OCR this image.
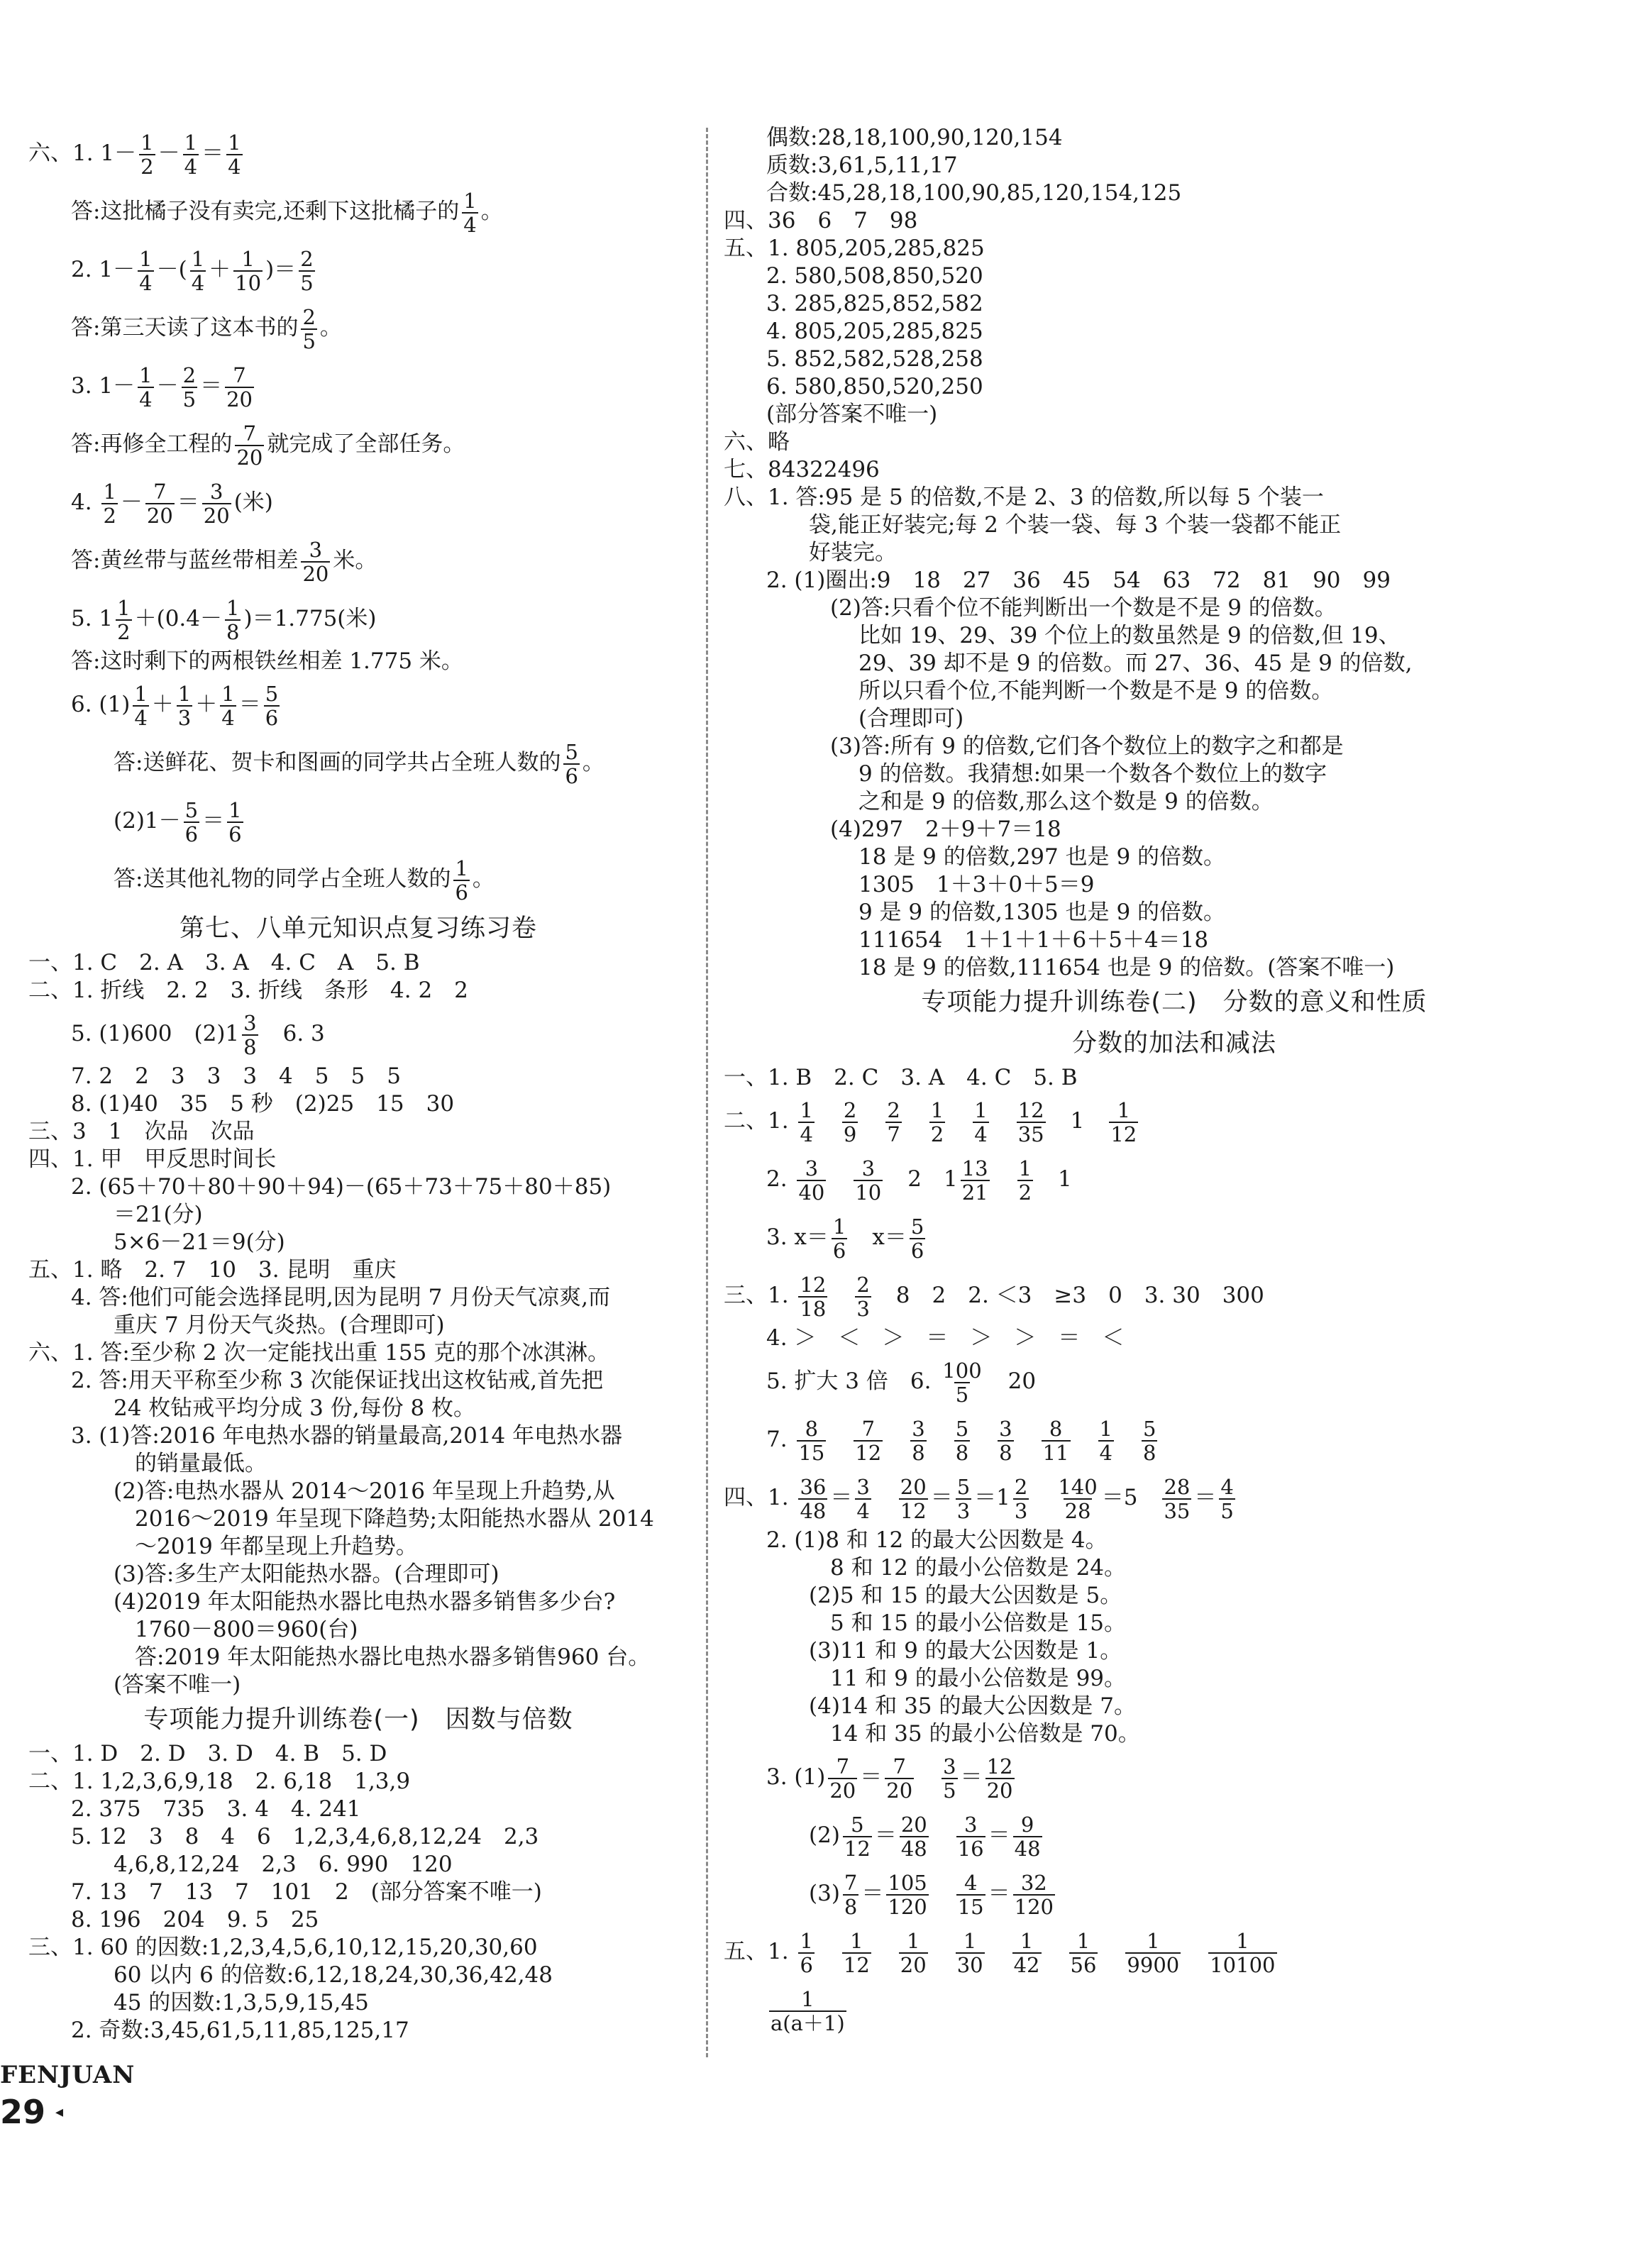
六、1. $1- \frac{1}{2} - \frac{1}{4} = \frac{1}{4}$
答:这批橘子没有卖完,还剩下这批橘子的 $\frac{1}{4}$ 。
2. $1- \frac{1}{4}$ －( $\frac{1}{4} + \frac{1}{10}$ )＝ $\frac{2}{5}$
答:第三天读了这本书的 $\frac{2}{5}$ 。
3. $1- \frac{1}{4} - \frac{2}{5} = \frac{7}{20}$
答:再修全工程的 $\frac{7}{20}$ 就完成了全部任务。
4. $\frac{1}{2} - \frac{7}{20} = \frac{3}{20}$ (米)
答:黄丝带与蓝丝带相差 $\frac{3}{20}$ 米。
5. $1 \frac{1}{2} +(0.4- \frac{1}{8} )=1.775$(米)
答:这时剩下的两根铁丝相差 1.775 米。
6. $(1) \frac{1}{4} + \frac{1}{3} + \frac{1}{4} = \frac{5}{6}$
答:送鲜花、贺卡和图画的同学共占全班人数的 $\frac{5}{6}$ 。
$(2)1- \frac{5}{6} = \frac{1}{6}$
答:送其他礼物的同学占全班人数的 $\frac{1}{6}$ 。
第七、八单元知识点复习练习卷
一、1. C　2. A　3. A　4. C　A　5. B
二、1. 折线　2. 2　3. 折线　条形　4. 2　2
5. (1)600　$(2)1 \frac{3}{8}$ 　6. 3
7. 2　2　3　3　3　4　5　5　5
8. (1)40　35　5 秒　(2)25　15　30
三、3　1　次品　次品
四、1. 甲　甲反思时间长
2. (65＋70＋80＋90＋94)－(65＋73＋75＋80＋85)
＝21(分)
5×6－21＝9(分)
五、1. 略　2. 7　10　3. 昆明　重庆
4. 答:他们可能会选择昆明,因为昆明 7 月份天气凉爽,而
重庆 7 月份天气炎热。(合理即可)
六、1. 答:至少称 2 次一定能找出重 155 克的那个冰淇淋。
2. 答:用天平称至少称 3 次能保证找出这枚钻戒,首先把
24 枚钻戒平均分成 3 份,每份 8 枚。
3. (1)答:2016 年电热水器的销量最高,2014 年电热水器
的销量最低。
(2)答:电热水器从 2014～2016 年呈现上升趋势,从
2016～2019 年呈现下降趋势;太阳能热水器从 2014
～2019 年都呈现上升趋势。
(3)答:多生产太阳能热水器。(合理即可)
(4)2019 年太阳能热水器比电热水器多销售多少台?
1760－800＝960(台)
答:2019 年太阳能热水器比电热水器多销售960 台。
(答案不唯一)
专项能力提升训练卷(一)　因数与倍数
一、1. D　2. D　3. D　4. B　5. D
二、1. 1,2,3,6,9,18　2. 6,18　1,3,9
2. 375　735　3. 4　4. 241
5. 12　3　8　4　6　1,2,3,4,6,8,12,24　2,3
4,6,8,12,24　2,3　6. 990　120
7. 13　7　13　7　101　2　(部分答案不唯一)
8. 196　204　9. 5　25
三、1. 60 的因数:1,2,3,4,5,6,10,12,15,20,30,60
60 以内 6 的倍数:6,12,18,24,30,36,42,48
45 的因数:1,3,5,9,15,45
2. 奇数:3,45,61,5,11,85,125,17
偶数:28,18,100,90,120,154
质数:3,61,5,11,17
合数:45,28,18,100,90,85,120,154,125
四、36　6　7　98
五、1. 805,205,285,825
2. 580,508,850,520
3. 285,825,852,582
4. 805,205,285,825
5. 852,582,528,258
6. 580,850,520,250
(部分答案不唯一)
六、略
七、84322496
八、1. 答:95 是 5 的倍数,不是 2、3 的倍数,所以每 5 个装一
袋,能正好装完;每 2 个装一袋、每 3 个装一袋都不能正
好装完。
2. (1)圈出:9　18　27　36　45　54　63　72　81　90　99
(2)答:只看个位不能判断出一个数是不是 9 的倍数。
比如 19、29、39 个位上的数虽然是 9 的倍数,但 19、
29、39 却不是 9 的倍数。而 27、36、45 是 9 的倍数,
所以只看个位,不能判断一个数是不是 9 的倍数。
(合理即可)
(3)答:所有 9 的倍数,它们各个数位上的数字之和都是
9 的倍数。我猜想:如果一个数各个数位上的数字
之和是 9 的倍数,那么这个数是 9 的倍数。
(4)297　2＋9＋7＝18
18 是 9 的倍数,297 也是 9 的倍数。
1305　1＋3＋0＋5＝9
9 是 9 的倍数,1305 也是 9 的倍数。
111654　1＋1＋1＋6＋5＋4＝18
18 是 9 的倍数,111654 也是 9 的倍数。(答案不唯一)
专项能力提升训练卷(二)　分数的意义和性质
分数的加法和减法
一、1. B　2. C　3. A　4. C　5. B
二、1. $\frac{1}{4}$
　 $\frac{2}{9}$
　 $\frac{2}{7}$
　 $\frac{1}{2}$
　 $\frac{1}{4}$
　 $\frac{12}{35}$ 　1　 $\frac{1}{12}$
2. $\frac{3}{40}$
　 $\frac{3}{10}$ 　2　$1 \frac{13}{21}$
　 $\frac{1}{2}$ 　1
3. $x= \frac{1}{6}$ 　$x= \frac{5}{6}$
三、1. $\frac{12}{18}$
　 $\frac{2}{3}$ 　8　2　2. ＜3　≥3　0　3. 30　300
4. ＞　＜　＞　＝　＞　＞　＝　＜
5. 扩大 3 倍　6. $\frac{100}{5}$ 　20
7. $\frac{8}{15}$
　 $\frac{7}{12}$
　 $\frac{3}{8}$
　 $\frac{5}{8}$
　 $\frac{3}{8}$
　 $\frac{8}{11}$
　 $\frac{1}{4}$
　 $\frac{5}{8}$
四、1. $\frac{36}{48} = \frac{3}{4}$
　 $\frac{20}{12} = \frac{5}{3} =1 \frac{2}{3}$
　 $\frac{140}{28} =5$　 $\frac{28}{35} = \frac{4}{5}$
2. (1)8 和 12 的最大公因数是 4。
8 和 12 的最小公倍数是 24。
(2)5 和 15 的最大公因数是 5。
5 和 15 的最小公倍数是 15。
(3)11 和 9 的最大公因数是 1。
11 和 9 的最小公倍数是 99。
(4)14 和 35 的最大公因数是 7。
14 和 35 的最小公倍数是 70。
3. $(1) \frac{7}{20} = \frac{7}{20}$
　 $\frac{3}{5} = \frac{12}{20}$
$(2) \frac{5}{12} = \frac{20}{48}$
　 $\frac{3}{16} = \frac{9}{48}$
$(3) \frac{7}{8} = \frac{105}{120}$
　 $\frac{4}{15} = \frac{32}{120}$
五、1. $\frac{1}{6}$
　 $\frac{1}{12}$
　 $\frac{1}{20}$
　 $\frac{1}{30}$
　 $\frac{1}{42}$
　 $\frac{1}{56}$
　 $\frac{1}{9900}$
　 $\frac{1}{10100}$
$\frac{1}{a(a+1)}$
FENJUAN
29 ◂
